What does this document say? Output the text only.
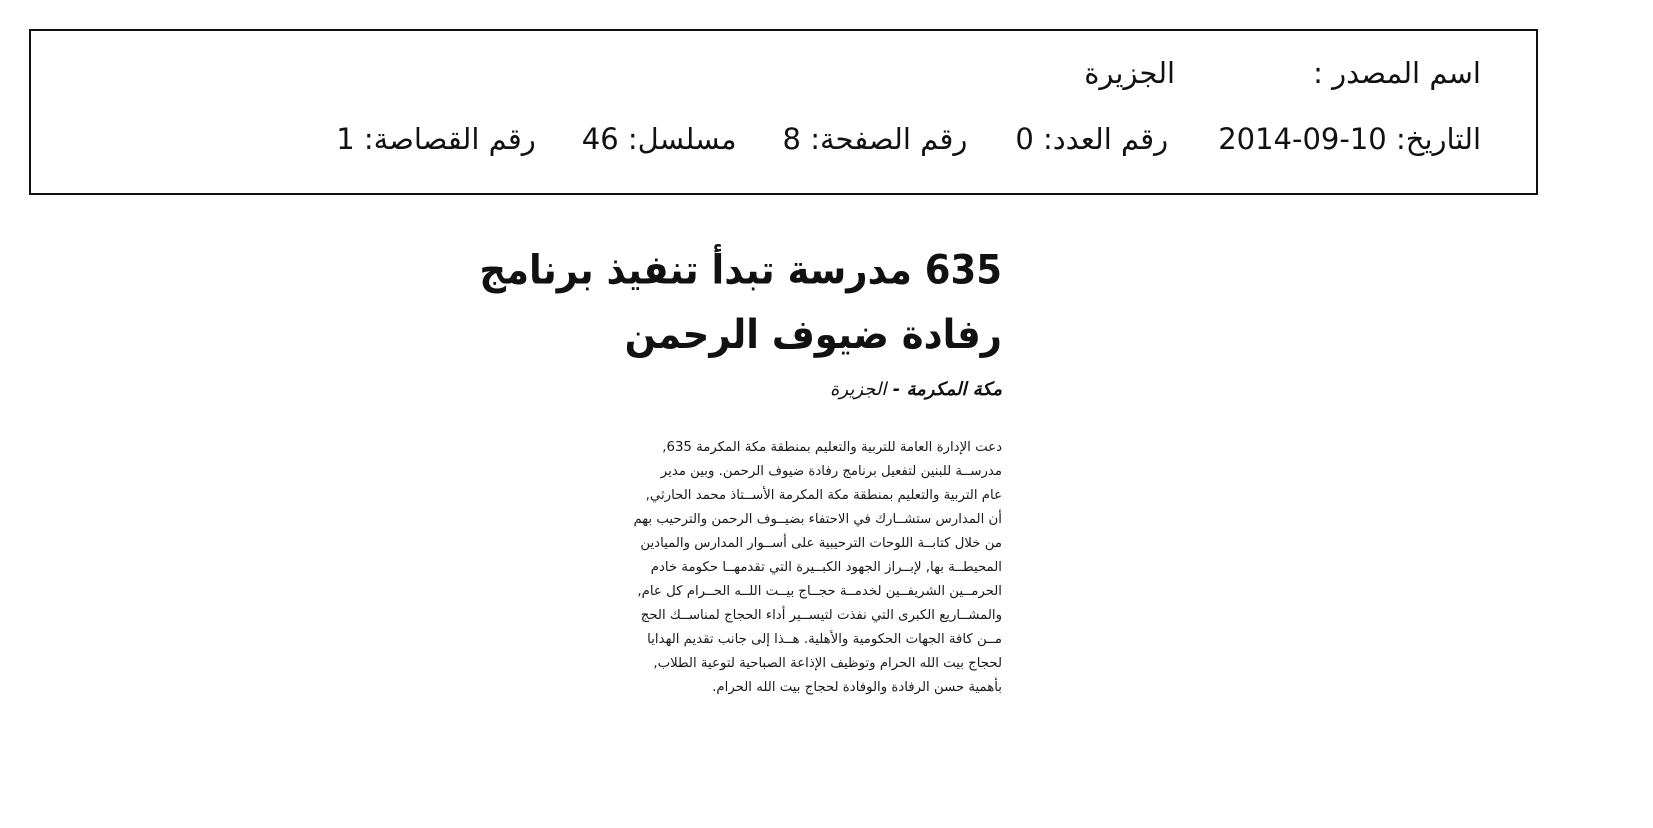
اسم المصدر :الجزيرة
التاريخ: 2014-09-10رقم العدد: 0رقم الصفحة: 8مسلسل: 46رقم القصاصة: 1
635 مدرسة تبدأ تنفيذ برنامج
رفادة ضيوف الرحمن
مكة المكرمة - الجزيرة
دعت الإدارة العامة للتربية والتعليم بمنطقة مكة المكرمة 635,
مدرســة للبنين لتفعيل برنامج رفادة ضيوف الرحمن. وبين مدير
عام التربية والتعليم بمنطقة مكة المكرمة الأســتاذ محمد الحارثي,
أن المدارس ستشــارك في الاحتفاء بضيــوف الرحمن والترحيب بهم
من خلال كتابــة اللوحات الترحيبية على أســوار المدارس والميادين
المحيطــة بها, لإبــراز الجهود الكبــيرة التي تقدمهــا حكومة خادم
الحرمــين الشريفــين لخدمــة حجــاج بيــت اللــه الحــرام كل عام,
والمشــاريع الكبرى التي نفذت لتيســير أداء الحجاج لمناســك الحج
مــن كافة الجهات الحكومية والأهلية. هــذا إلى جانب تقديم الهدايا
لحجاج بيت الله الحرام وتوظيف الإذاعة الصباحية لتوعية الطلاب,
بأهمية حسن الرفادة والوفادة لحجاج بيت الله الحرام.
